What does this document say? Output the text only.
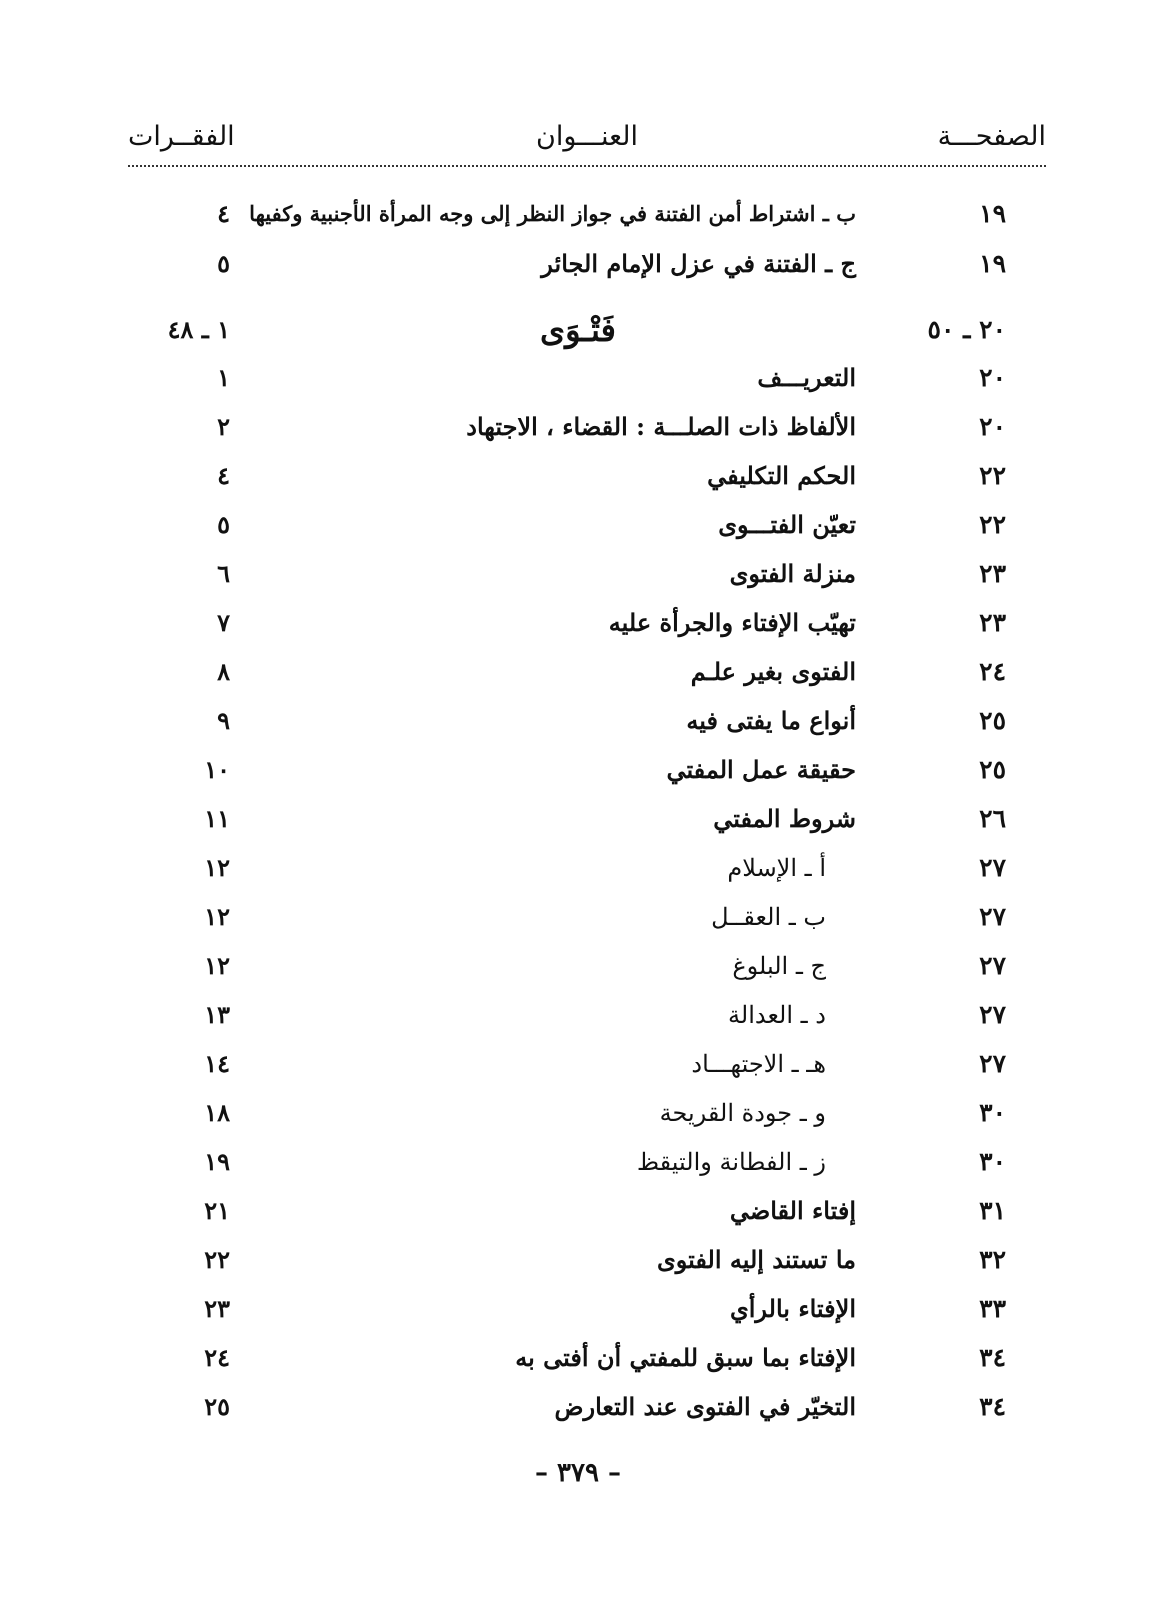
الصفحـــة
العنـــوان
الفقــرات
١٩
ب ـ اشتراط أمن الفتنة في جواز النظر إلى وجه المرأة الأجنبية وكفيها
٤
١٩
ج ـ الفتنة في عزل الإمام الجائر
٥
٢٠ ـ ٥٠
فَتْـوَى
١ ـ ٤٨
٢٠
التعريـــف
١
٢٠
الألفاظ ذات الصلـــة : القضاء ، الاجتهاد
٢
٢٢
الحكم التكليفي
٤
٢٢
تعيّن الفتـــوى
٥
٢٣
منزلة الفتوى
٦
٢٣
تهيّب الإفتاء والجرأة عليه
٧
٢٤
الفتوى بغير علـم
٨
٢٥
أنواع ما يفتى فيه
٩
٢٥
حقيقة عمل المفتي
١٠
٢٦
شروط المفتي
١١
٢٧
أ ـ الإسلام
١٢
٢٧
ب ـ العقــل
١٢
٢٧
ج ـ البلوغ
١٢
٢٧
د ـ العدالة
١٣
٢٧
هـ ـ الاجتهـــاد
١٤
٣٠
و ـ جودة القريحة
١٨
٣٠
ز ـ الفطانة والتيقظ
١٩
٣١
إفتاء القاضي
٢١
٣٢
ما تستند إليه الفتوى
٢٢
٣٣
الإفتاء بالرأي
٢٣
٣٤
الإفتاء بما سبق للمفتي أن أفتى به
٢٤
٣٤
التخيّر في الفتوى عند التعارض
٢٥
– ٣٧٩ –
